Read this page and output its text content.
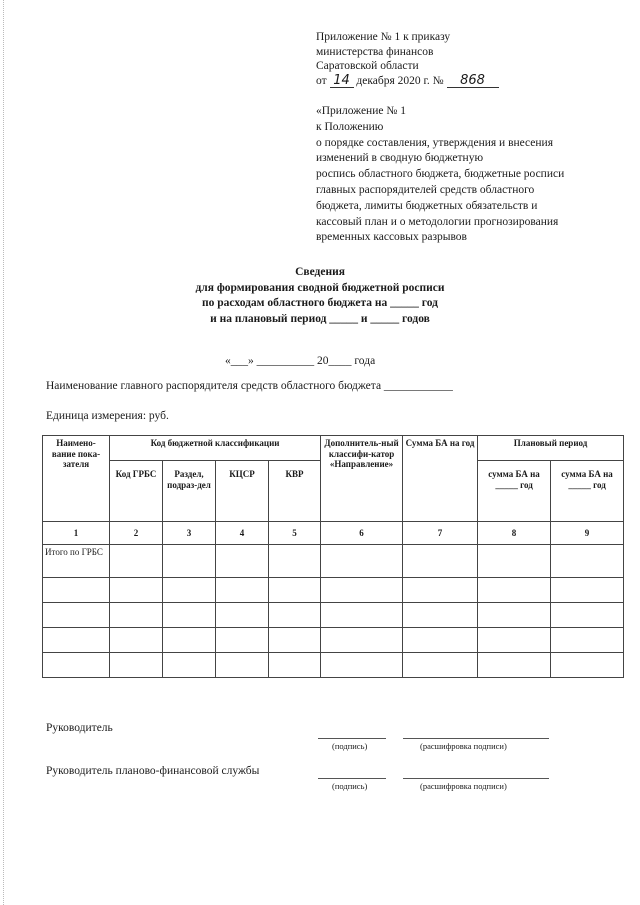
Приложение № 1 к приказу
министерства финансов
Саратовской области
от 14 декабря 2020 г. № 868
«Приложение № 1
к Положению
о порядке составления, утверждения и внесения
изменений в сводную бюджетную
роспись областного бюджета, бюджетные росписи
главных распорядителей средств областного
бюджета, лимиты бюджетных обязательств и
кассовый план и о методологии прогнозирования
временных кассовых разрывов
Сведения
для формирования сводной бюджетной росписи
по расходам областного бюджета на _____ год
и на плановый период _____ и _____ годов
«___» __________ 20____ года
Наименование главного распорядителя средств областного бюджета ____________
Единица измерения: руб.
Наимено-вание пока-зателя	Код бюджетной классификации				Дополнитель-ный классифи-катор «Направление»	Сумма БА на год	Плановый период	
	Код ГРБС	Раздел, подраз-дел	КЦСР	КВР			сумма БА на _____ год	сумма БА на _____ год
1	2	3	4	5	6	7	8	9
Итого по ГРБС								

Руководитель
(подпись)	(расшифровка подписи)
Руководитель планово-финансовой службы
(подпись)	(расшифровка подписи)
